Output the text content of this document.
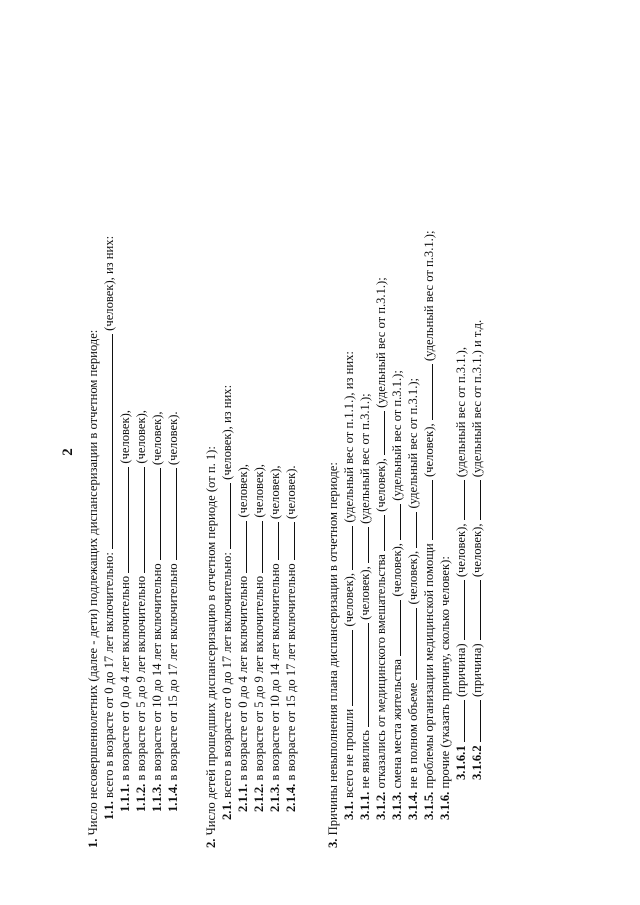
2
1. Число несовершеннолетних (далее - дети) подлежащих диспансеризации в отчетном периоде: 1.1. всего в возрасте от 0 до 17 лет включительно:  (человек), из них:
1.1.1. в возрасте от 0 до 4 лет включительно  (человек),
1.1.2. в возрасте от 5 до 9 лет включительно  (человек),
1.1.3. в возрасте от 10 до 14 лет включительно  (человек),
1.1.4. в возрасте от 15 до 17 лет включительно  (человек).
2. Число детей прошедших диспансеризацию в отчетном периоде (от п. 1): 2.1. всего в возрасте от 0 до 17 лет включительно:  (человек), из них:
2.1.1. в возрасте от 0 до 4 лет включительно  (человек),
2.1.2. в возрасте от 5 до 9 лет включительно  (человек),
2.1.3. в возрасте от 10 до 14 лет включительно  (человек),
2.1.4. в возрасте от 15 до 17 лет включительно  (человек).
3. Причины невыполнения плана диспансеризации в отчетном периоде: 3.1. всего не прошли  (человек),  (удельный вес от п.1.1.), из них:
3.1.1. не явились  (человек),  (удельный вес от п.3.1.);
3.1.2. отказались от медицинского вмешательства  (человек),  (удельный вес от п.3.1.);
3.1.3. смена места жительства  (человек),  (удельный вес от п.3.1.);
3.1.4. не в полном объеме  (человек),  (удельный вес от п.3.1.);
3.1.5. проблемы организации медицинской помощи  (человек),  (удельный вес от п.3.1.);
3.1.6. прочие (указать причину, сколько человек): 3.1.6.1  (причина)  (человек),  (удельный вес от п.3.1.),
3.1.6.2  (причина)  (человек),  (удельный вес от п.3.1.) и т.д.
